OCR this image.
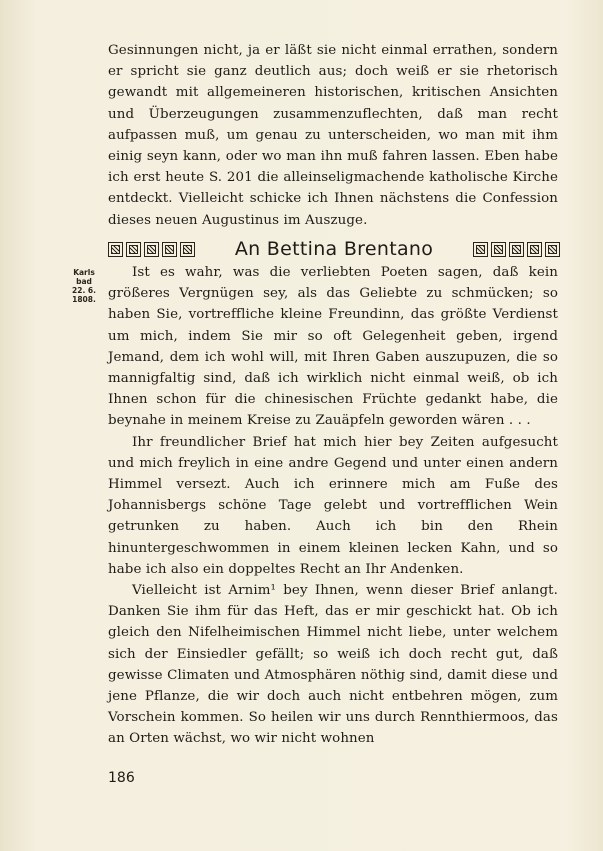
Gesinnungen nicht, ja er läßt sie nicht einmal errathen, sondern er spricht sie ganz deutlich aus; doch weiß er sie rhetorisch gewandt mit allgemeineren historischen, kritischen Ansichten und Überzeugungen zusammenzuflechten, daß man recht aufpassen muß, um genau zu unterscheiden, wo man mit ihm einig seyn kann, oder wo man ihn muß fahren lassen. Eben habe ich erst heute S. 201 die alleinseligmachende katholische Kirche entdeckt. Vielleicht schicke ich Ihnen nächstens die Confession dieses neuen Augustinus im Auszuge.

An Bettina Brentano
Karls
bad
22. 6.
1808.

Ist es wahr, was die verliebten Poeten sagen, daß kein größeres Vergnügen sey, als das Geliebte zu schmücken; so haben Sie, vortreffliche kleine Freundinn, das größte Verdienst um mich, indem Sie mir so oft Gelegenheit geben, irgend Jemand, dem ich wohl will, mit Ihren Gaben auszupuzen, die so mannigfaltig sind, daß ich wirklich nicht einmal weiß, ob ich Ihnen schon für die chinesischen Früchte gedankt habe, die beynahe in meinem Kreise zu Zauäpfeln geworden wären . . .

Ihr freundlicher Brief hat mich hier bey Zeiten aufgesucht und mich freylich in eine andre Gegend und unter einen andern Himmel versezt. Auch ich erinnere mich am Fuße des Johannisbergs schöne Tage gelebt und vortrefflichen Wein getrunken zu haben. Auch ich bin den Rhein hinuntergeschwommen in einem kleinen lecken Kahn, und so habe ich also ein doppeltes Recht an Ihr Andenken.

Vielleicht ist Arnim¹ bey Ihnen, wenn dieser Brief anlangt. Danken Sie ihm für das Heft, das er mir geschickt hat. Ob ich gleich den Nifelheimischen Himmel nicht liebe, unter welchem sich der Einsiedler gefällt; so weiß ich doch recht gut, daß gewisse Climaten und Atmosphären nöthig sind, damit diese und jene Pflanze, die wir doch auch nicht entbehren mögen, zum Vorschein kommen. So heilen wir uns durch Rennthiermoos, das an Orten wächst, wo wir nicht wohnen

186
